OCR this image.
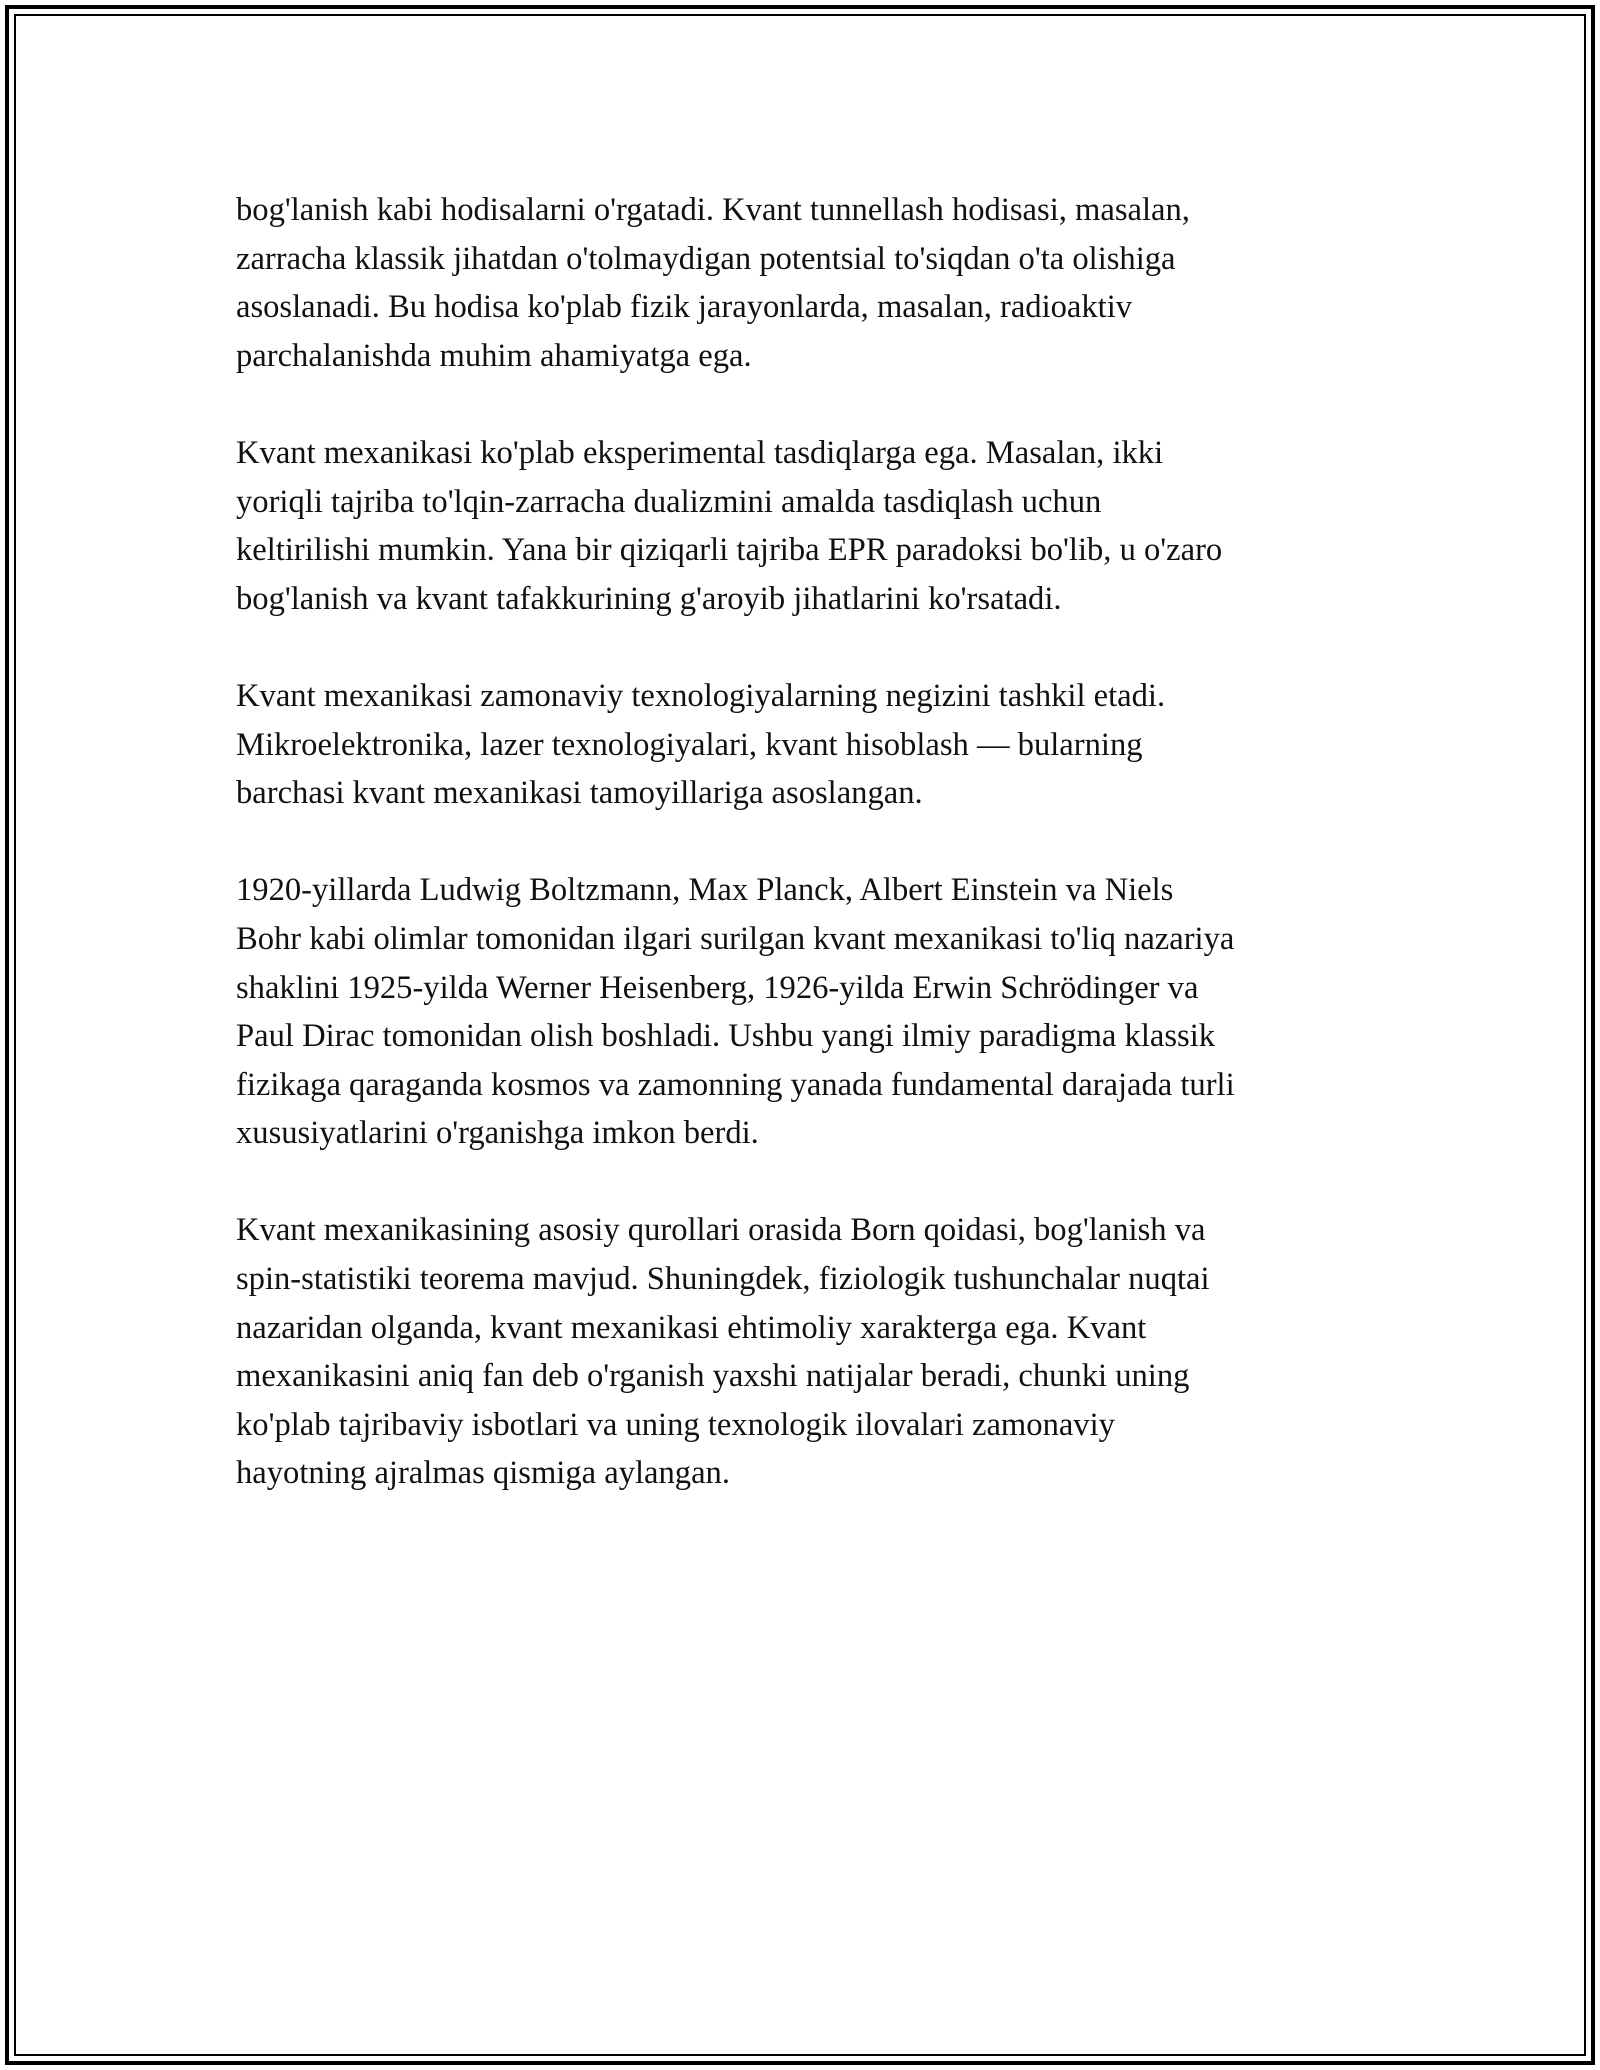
bog'lanish kabi hodisalarni o'rgatadi. Kvant tunnellash hodisasi, masalan,
zarracha klassik jihatdan o'tolmaydigan potentsial to'siqdan o'ta olishiga
asoslanadi. Bu hodisa ko'plab fizik jarayonlarda, masalan, radioaktiv
parchalanishda muhim ahamiyatga ega.

Kvant mexanikasi ko'plab eksperimental tasdiqlarga ega. Masalan, ikki
yoriqli tajriba to'lqin-zarracha dualizmini amalda tasdiqlash uchun
keltirilishi mumkin. Yana bir qiziqarli tajriba EPR paradoksi bo'lib, u o'zaro
bog'lanish va kvant tafakkurining g'aroyib jihatlarini ko'rsatadi.

Kvant mexanikasi zamonaviy texnologiyalarning negizini tashkil etadi.
Mikroelektronika, lazer texnologiyalari, kvant hisoblash — bularning
barchasi kvant mexanikasi tamoyillariga asoslangan.

1920-yillarda Ludwig Boltzmann, Max Planck, Albert Einstein va Niels
Bohr kabi olimlar tomonidan ilgari surilgan kvant mexanikasi to'liq nazariya
shaklini 1925-yilda Werner Heisenberg, 1926-yilda Erwin Schrödinger va
Paul Dirac tomonidan olish boshladi. Ushbu yangi ilmiy paradigma klassik
fizikaga qaraganda kosmos va zamonning yanada fundamental darajada turli
xususiyatlarini o'rganishga imkon berdi.

Kvant mexanikasining asosiy qurollari orasida Born qoidasi, bog'lanish va
spin-statistiki teorema mavjud. Shuningdek, fiziologik tushunchalar nuqtai
nazaridan olganda, kvant mexanikasi ehtimoliy xarakterga ega. Kvant
mexanikasini aniq fan deb o'rganish yaxshi natijalar beradi, chunki uning
ko'plab tajribaviy isbotlari va uning texnologik ilovalari zamonaviy
hayotning ajralmas qismiga aylangan.
